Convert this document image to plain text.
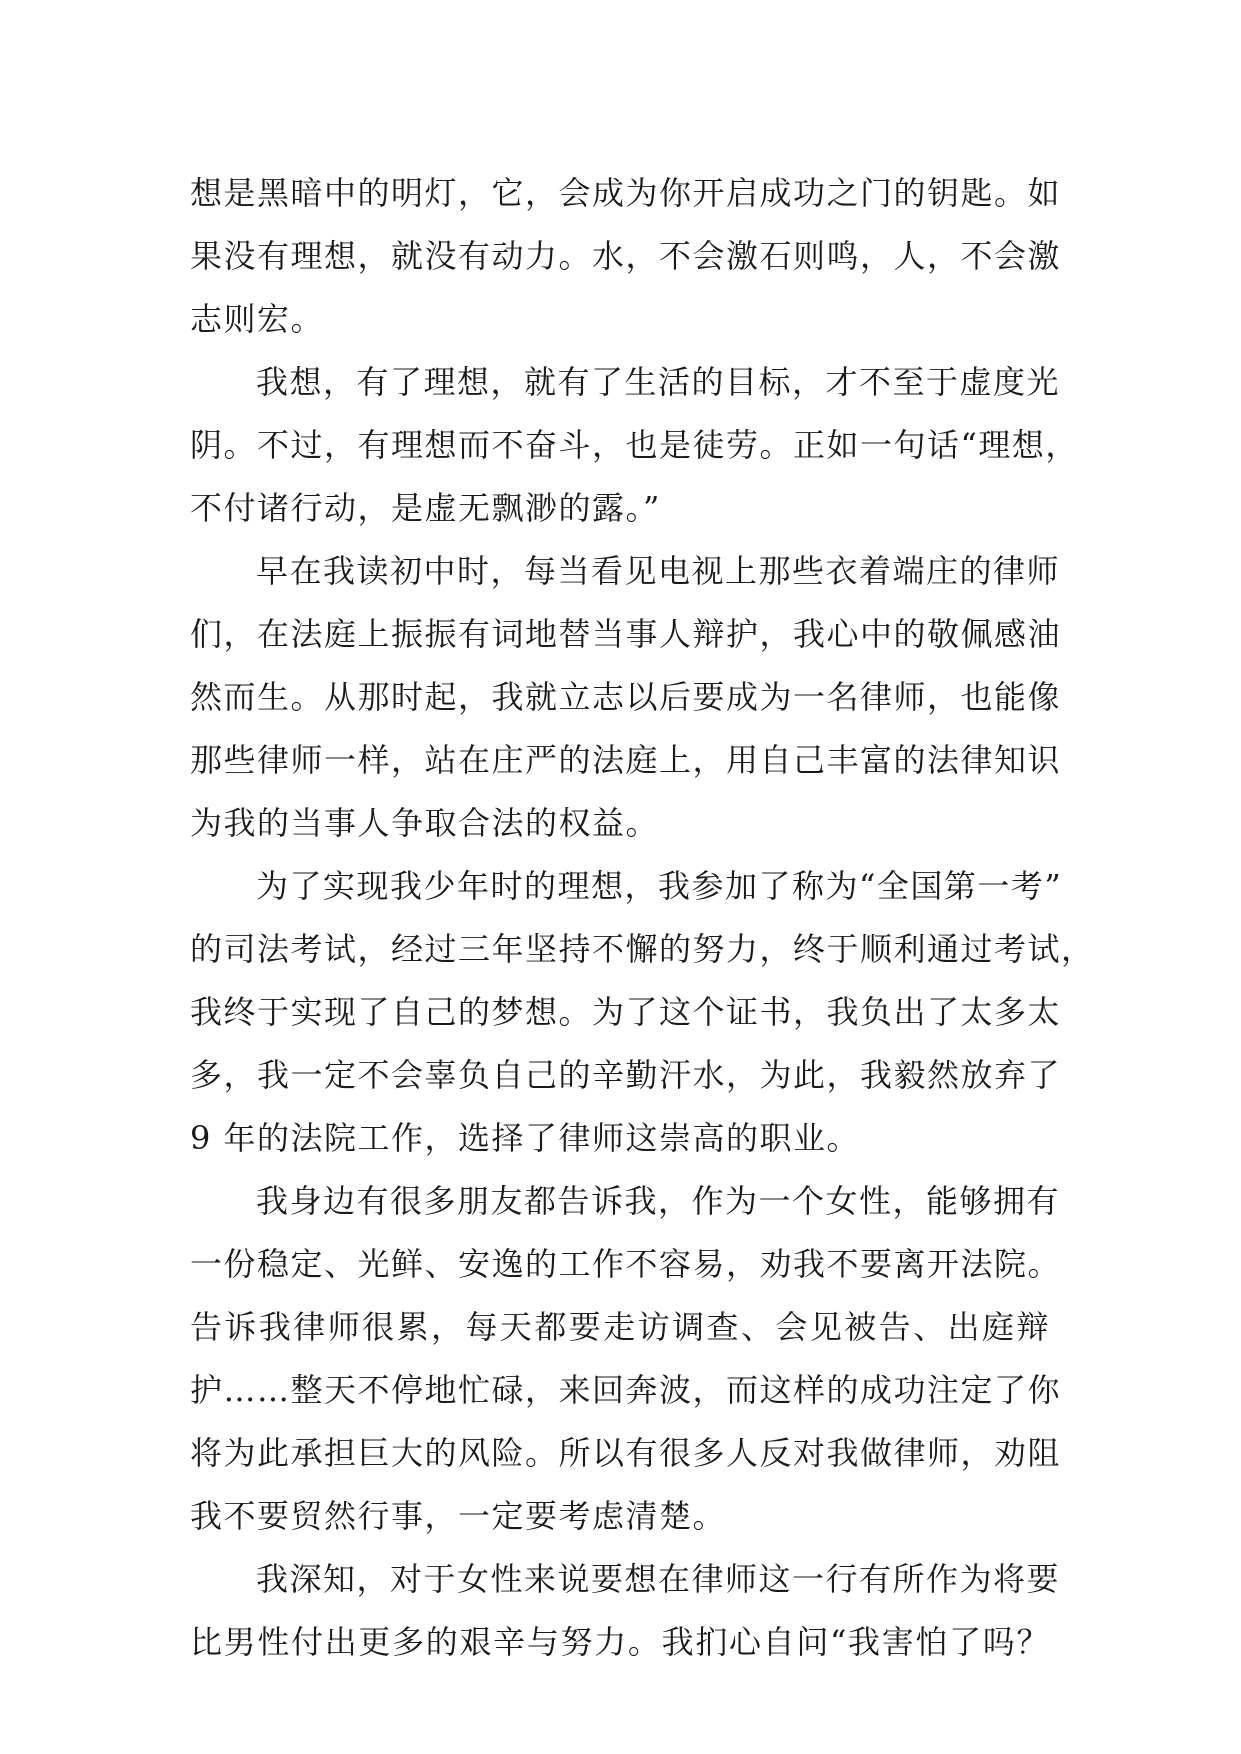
想是黑暗中的明灯，它，会成为你开启成功之门的钥匙。如
果没有理想，就没有动力。水，不会激石则鸣，人，不会激
志则宏。
我想，有了理想，就有了生活的目标，才不至于虚度光
阴。不过，有理想而不奋斗，也是徒劳。正如一句话“理想，
不付诸行动，是虚无飘渺的露。”
早在我读初中时，每当看见电视上那些衣着端庄的律师
们，在法庭上振振有词地替当事人辩护，我心中的敬佩感油
然而生。从那时起，我就立志以后要成为一名律师，也能像
那些律师一样，站在庄严的法庭上，用自己丰富的法律知识
为我的当事人争取合法的权益。
为了实现我少年时的理想，我参加了称为“全国第一考”
的司法考试，经过三年坚持不懈的努力，终于顺利通过考试，
我终于实现了自己的梦想。为了这个证书，我负出了太多太
多，我一定不会辜负自己的辛勤汗水，为此，我毅然放弃了
9 年的法院工作，选择了律师这崇高的职业。
我身边有很多朋友都告诉我，作为一个女性，能够拥有
一份稳定、光鲜、安逸的工作不容易，劝我不要离开法院。
告诉我律师很累，每天都要走访调查、会见被告、出庭辩
护……整天不停地忙碌，来回奔波，而这样的成功注定了你
将为此承担巨大的风险。所以有很多人反对我做律师，劝阻
我不要贸然行事，一定要考虑清楚。
我深知，对于女性来说要想在律师这一行有所作为将要
比男性付出更多的艰辛与努力。我扪心自问“我害怕了吗？
